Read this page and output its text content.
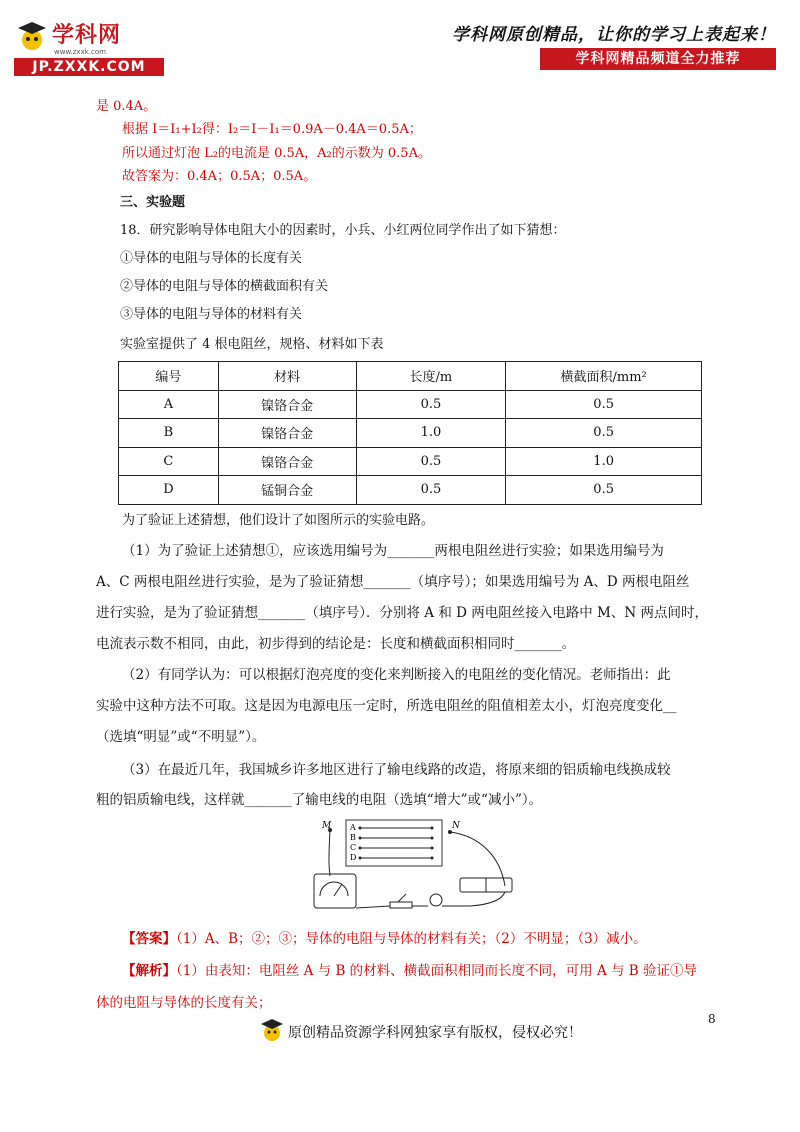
学科网
www.zxxk.com
JP.ZXXK.COM
学科网原创精品，让你的学习上表起来！
学科网精品频道全力推荐
是 0.4A。
根据 I＝I₁+I₂得：I₂＝I－I₁＝0.9A－0.4A＝0.5A；
所以通过灯泡 L₂的电流是 0.5A，A₂的示数为 0.5A。
故答案为：0.4A；0.5A；0.5A。
三、实验题
18．研究影响导体电阻大小的因素时，小兵、小红两位同学作出了如下猜想：
①导体的电阻与导体的长度有关
②导体的电阻与导体的横截面积有关
③导体的电阻与导体的材料有关
实验室提供了 4 根电阻丝，规格、材料如下表
编号	材料	长度/m	横截面积/mm²
A	镍铬合金	0.5	0.5
B	镍铬合金	1.0	0.5
C	镍铬合金	0.5	1.0
D	锰铜合金	0.5	0.5
为了验证上述猜想，他们设计了如图所示的实验电路。
（1）为了验证上述猜想①，应该选用编号为_______两根电阻丝进行实验；如果选用编号为
A、C 两根电阻丝进行实验，是为了验证猜想_______（填序号）；如果选用编号为 A、D 两根电阻丝
进行实验，是为了验证猜想_______（填序号）．分别将 A 和 D 两电阻丝接入电路中 M、N 两点间时，
电流表示数不相同，由此，初步得到的结论是：长度和横截面积相同时_______。
（2）有同学认为：可以根据灯泡亮度的变化来判断接入的电阻丝的变化情况。老师指出：此
实验中这种方法不可取。这是因为电源电压一定时，所选电阻丝的阻值相差太小，灯泡亮度变化__
（选填“明显”或“不明显”）。
（3）在最近几年，我国城乡许多地区进行了输电线路的改造，将原来细的铝质输电线换成较
粗的铝质输电线，这样就_______了输电线的电阻（选填“增大”或“减小”）。
M	N
A
B
C
D
【答案】（1）A、B；②；③；导体的电阻与导体的材料有关；（2）不明显；（3）减小。
【解析】（1）由表知：电阻丝 A 与 B 的材料、横截面积相同而长度不同，可用 A 与 B 验证①导
体的电阻与导体的长度有关；
8
原创精品资源学科网独家享有版权，侵权必究！
